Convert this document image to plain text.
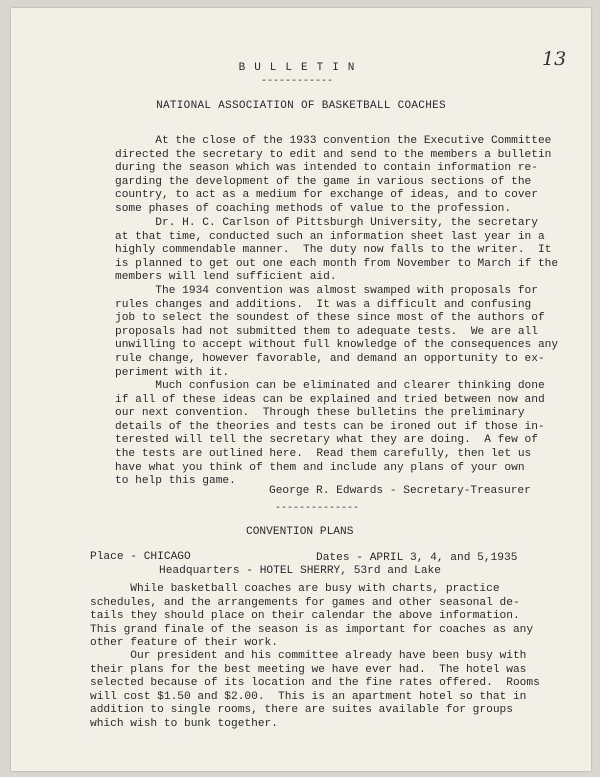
13
BULLETIN
------------
NATIONAL ASSOCIATION OF BASKETBALL COACHES

At the close of the 1933 convention the Executive Committee
directed the secretary to edit and send to the members a bulletin
during the season which was intended to contain information re-
garding the development of the game in various sections of the
country, to act as a medium for exchange of ideas, and to cover
some phases of coaching methods of value to the profession.

Dr. H. C. Carlson of Pittsburgh University, the secretary
at that time, conducted such an information sheet last year in a
highly commendable manner.  The duty now falls to the writer.  It
is planned to get out one each month from November to March if the
members will lend sufficient aid.

The 1934 convention was almost swamped with proposals for
rules changes and additions.  It was a difficult and confusing
job to select the soundest of these since most of the authors of
proposals had not submitted them to adequate tests.  We are all
unwilling to accept without full knowledge of the consequences any
rule change, however favorable, and demand an opportunity to ex-
periment with it.

Much confusion can be eliminated and clearer thinking done
if all of these ideas can be explained and tried between now and
our next convention.  Through these bulletins the preliminary
details of the theories and tests can be ironed out if those in-
terested will tell the secretary what they are doing.  A few of
the tests are outlined here.  Read them carefully, then let us
have what you think of them and include any plans of your own
to help this game.

George R. Edwards - Secretary-Treasurer
--------------
CONVENTION PLANS
Place - CHICAGO	Dates - APRIL 3, 4, and 5,1935
Headquarters - HOTEL SHERRY, 53rd and Lake

While basketball coaches are busy with charts, practice
schedules, and the arrangements for games and other seasonal de-
tails they should place on their calendar the above information.
This grand finale of the season is as important for coaches as any
other feature of their work.

Our president and his committee already have been busy with
their plans for the best meeting we have ever had.  The hotel was
selected because of its location and the fine rates offered.  Rooms
will cost $1.50 and $2.00.  This is an apartment hotel so that in
addition to single rooms, there are suites available for groups
which wish to bunk together.
